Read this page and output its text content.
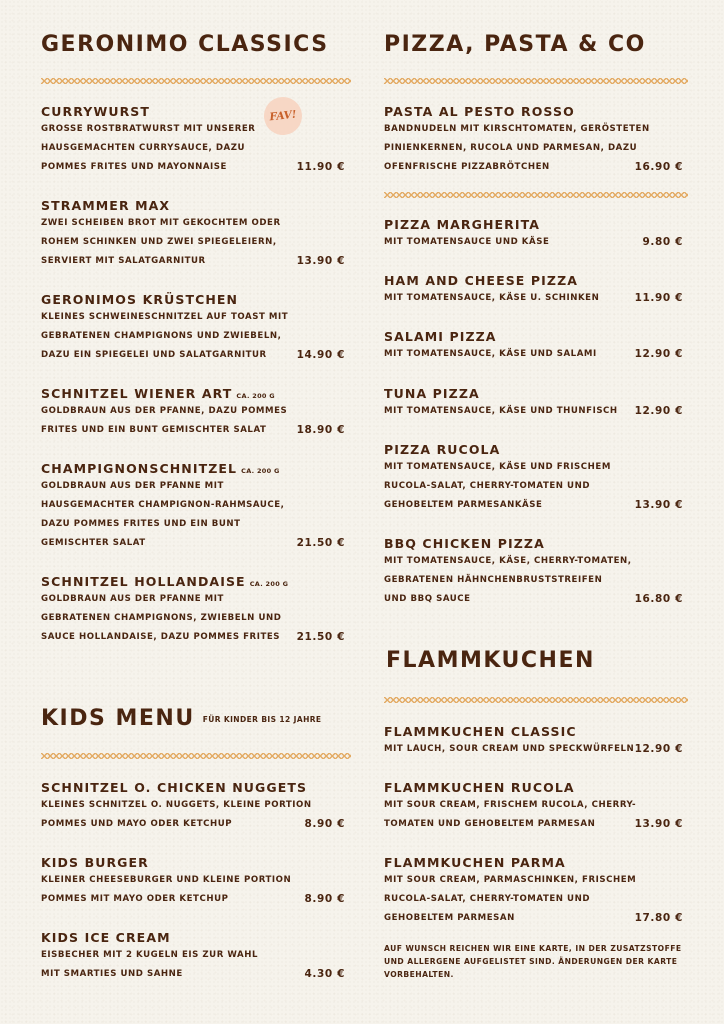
GERONIMO CLASSICS
CURRYWURST
GROSSE ROSTBRATWURST MIT UNSERER
HAUSGEMACHTEN CURRYSAUCE, DAZU
POMMES FRITES UND MAYONNAISE	11.90 €
STRAMMER MAX
ZWEI SCHEIBEN BROT MIT GEKOCHTEM ODER
ROHEM SCHINKEN UND ZWEI SPIEGELEIERN,
SERVIERT MIT SALATGARNITUR	13.90 €
GERONIMOS KRÜSTCHEN
KLEINES SCHWEINESCHNITZEL AUF TOAST MIT
GEBRATENEN CHAMPIGNONS UND ZWIEBELN,
DAZU EIN SPIEGELEI UND SALATGARNITUR	14.90 €
SCHNITZEL WIENER ART CA. 200 G
GOLDBRAUN AUS DER PFANNE, DAZU POMMES
FRITES UND EIN BUNT GEMISCHTER SALAT	18.90 €
CHAMPIGNONSCHNITZEL CA. 200 G
GOLDBRAUN AUS DER PFANNE MIT
HAUSGEMACHTER CHAMPIGNON-RAHMSAUCE,
DAZU POMMES FRITES UND EIN BUNT
GEMISCHTER SALAT	21.50 €
SCHNITZEL HOLLANDAISE CA. 200 G
GOLDBRAUN AUS DER PFANNE MIT
GEBRATENEN CHAMPIGNONS, ZWIEBELN UND
SAUCE HOLLANDAISE, DAZU POMMES FRITES 21.50 €
KIDS MENU FÜR KINDER BIS 12 JAHRE
SCHNITZEL O. CHICKEN NUGGETS
KLEINES SCHNITZEL O. NUGGETS, KLEINE PORTION
POMMES UND MAYO ODER KETCHUP	8.90 €
KIDS BURGER
KLEINER CHEESEBURGER UND KLEINE PORTION
POMMES MIT MAYO ODER KETCHUP	8.90 €
KIDS ICE CREAM
EISBECHER MIT 2 KUGELN EIS ZUR WAHL
MIT SMARTIES UND SAHNE	4.30 €
FAV!
PIZZA, PASTA & CO
PASTA AL PESTO ROSSO
BANDNUDELN MIT KIRSCHTOMATEN, GERÖSTETEN
PINIENKERNEN, RUCOLA UND PARMESAN, DAZU
OFENFRISCHE PIZZABRÖTCHEN	16.90 €
PIZZA MARGHERITA
MIT TOMATENSAUCE UND KÄSE	9.80 €
HAM AND CHEESE PIZZA
MIT TOMATENSAUCE, KÄSE U. SCHINKEN	11.90 €
SALAMI PIZZA
MIT TOMATENSAUCE, KÄSE UND SALAMI	12.90 €
TUNA PIZZA
MIT TOMATENSAUCE, KÄSE UND THUNFISCH 12.90 €
PIZZA RUCOLA
MIT TOMATENSAUCE, KÄSE UND FRISCHEM
RUCOLA-SALAT, CHERRY-TOMATEN UND
GEHOBELTEM PARMESANKÄSE	13.90 €
BBQ CHICKEN PIZZA
MIT TOMATENSAUCE, KÄSE, CHERRY-TOMATEN,
GEBRATENEN HÄHNCHENBRUSTSTREIFEN
UND BBQ SAUCE	16.80 €
FLAMMKUCHEN
FLAMMKUCHEN CLASSIC
MIT LAUCH, SOUR CREAM UND SPECKWÜRFELN 12.90 €
FLAMMKUCHEN RUCOLA
MIT SOUR CREAM, FRISCHEM RUCOLA, CHERRY-
TOMATEN UND GEHOBELTEM PARMESAN	13.90 €
FLAMMKUCHEN PARMA
MIT SOUR CREAM, PARMASCHINKEN, FRISCHEM
RUCOLA-SALAT, CHERRY-TOMATEN UND
GEHOBELTEM PARMESAN	17.80 €
AUF WUNSCH REICHEN WIR EINE KARTE, IN DER ZUSATZSTOFFE UND ALLERGENE AUFGELISTET SIND. ÄNDERUNGEN DER KARTE VORBEHALTEN.
